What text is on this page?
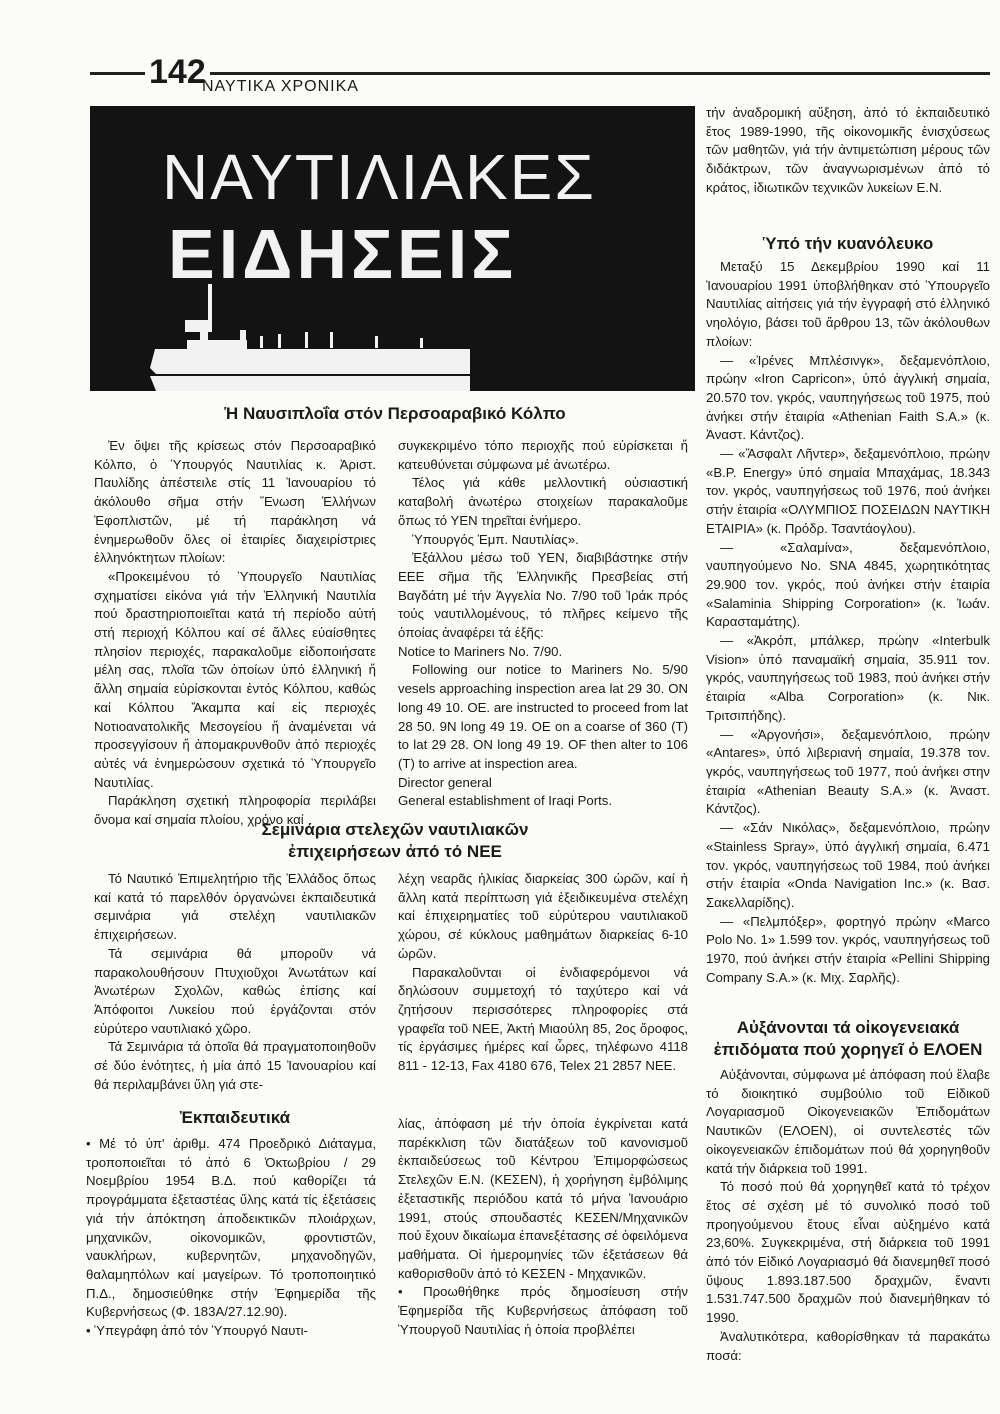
142
ΝΑΥΤΙΚΑ ΧΡΟΝΙΚΑ
ΝΑΥΤΙΛΙΑΚΕΣ
ΕΙΔΗΣΕΙΣ
Ἡ Ναυσιπλοΐα στόν Περσοαραβικό Κόλπο

Ἐν ὄψει τῆς κρίσεως στόν Περσοαραβικό Κόλπο, ὁ Ὑπουργός Ναυτιλίας κ. Ἀριστ. Παυλίδης ἀπέστειλε στίς 11 Ἰανουαρίου τό ἀκόλουθο σῆμα στήν Ἕνωση Ἑλλήνων Ἐφοπλιστῶν, μέ τή παράκληση νά ἐνημερωθοῦν ὅλες οἱ ἑταιρίες διαχειρίστριες ἑλληνόκτητων πλοίων:

«Προκειμένου τό Ὑπουργεῖο Ναυτιλίας σχηματίσει εἰκόνα γιά τήν Ἑλληνική Ναυτιλία πού δραστηριοποιεῖται κατά τή περίοδο αὐτή στή περιοχή Κόλπου καί σέ ἄλλες εὐαίσθητες πλησίον περιοχές, παρακαλοῦμε εἰδοποιήσατε μέλη σας, πλοῖα τῶν ὁποίων ὑπό ἑλληνική ἤ ἄλλη σημαία εὑρίσκονται ἐντός Κόλπου, καθώς καί Κόλπου Ἄκαμπα καί εἰς περιοχές Νοτιοανατολικῆς Μεσογείου ἤ ἀναμένεται νά προσεγγίσουν ἤ ἀπομακρυνθοῦν ἀπό περιοχές αὐτές νά ἐνημερώσουν σχετικά τό Ὑπουργεῖο Ναυτιλίας.

Παράκληση σχετική πληροφορία περιλάβει ὄνομα καί σημαία πλοίου, χρόνο καί

συγκεκριμένο τόπο περιοχῆς πού εὑρίσκεται ἤ κατευθύνεται σύμφωνα μέ ἀνωτέρω.

Τέλος γιά κάθε μελλοντική οὐσιαστική καταβολή ἀνωτέρω στοιχείων παρακαλοῦμε ὅπως τό ΥΕΝ τηρεῖται ἐνήμερο.

Ὑπουργός Ἐμπ. Ναυτιλίας».

Ἐξάλλου μέσω τοῦ ΥΕΝ, διαβιβάστηκε στήν ΕΕΕ σῆμα τῆς Ἑλληνικῆς Πρεσβείας στή Βαγδάτη μέ τήν Ἀγγελία Νο. 7/90 τοῦ Ἰράκ πρός τούς ναυτιλλομένους, τό πλῆρες κείμενο τῆς ὁποίας ἀναφέρει τά ἑξῆς:

Notice to Mariners No. 7/90.

Following our notice to Mariners No. 5/90 vesels approaching inspection area lat 29 30. ON long 49 10. OE. are instructed to proceed from lat 28 50. 9N long 49 19. OE on a coarse of 360 (T) to lat 29 28. ON long 49 19. OF then alter to 106 (T) to arrive at inspection area.

Director general

General establishment of Iraqi Ports.

Σεμινάρια στελεχῶν ναυτιλιακῶν
ἐπιχειρήσεων ἀπό τό ΝΕΕ

Τό Ναυτικό Ἐπιμελητήριο τῆς Ἑλλάδος ὅπως καί κατά τό παρελθόν ὀργανώνει ἐκπαιδευτικά σεμινάρια γιά στελέχη ναυτιλιακῶν ἐπιχειρήσεων.

Τά σεμινάρια θά μποροῦν νά παρακολουθήσουν Πτυχιοῦχοι Ἀνωτάτων καί Ἀνωτέρων Σχολῶν, καθώς ἐπίσης καί Ἀπόφοιτοι Λυκείου πού ἐργάζονται στόν εὐρύτερο ναυτιλιακό χῶρο.

Τά Σεμινάρια τά ὁποῖα θά πραγματοποιηθοῦν σέ δύο ἑνότητες, ἡ μία ἀπό 15 Ἰανουαρίου καί θά περιλαμβάνει ὕλη γιά στε-

λέχη νεαρᾶς ἡλικίας διαρκείας 300 ὡρῶν, καί ἡ ἄλλη κατά περίπτωση γιά ἐξειδικευμένα στελέχη καί ἐπιχειρηματίες τοῦ εὐρύτερου ναυτιλιακοῦ χώρου, σέ κύκλους μαθημάτων διαρκείας 6-10 ὡρῶν.

Παρακαλοῦνται οἱ ἐνδιαφερόμενοι νά δηλώσουν συμμετοχή τό ταχύτερο καί νά ζητήσουν περισσότερες πληροφορίες στά γραφεῖα τοῦ ΝΕΕ, Ἀκτή Μιαούλη 85, 2ος ὄροφος, τίς ἐργάσιμες ἡμέρες καί ὧρες, τηλέφωνο 4118 811 - 12-13, Fax 4180 676, Telex 21 2857 ΝΕΕ.

Ἐκπαιδευτικά

• Μέ τό ὑπ' ἀριθμ. 474 Προεδρικό Διάταγμα, τροποποιεῖται τό ἀπό 6 Ὀκτωβρίου / 29 Νοεμβρίου 1954 Β.Δ. πού καθορίζει τά προγράμματα ἐξεταστέας ὕλης κατά τίς ἐξετάσεις γιά τήν ἀπόκτηση ἀποδεικτικῶν πλοιάρχων, μηχανικῶν, οἰκονομικῶν, φροντιστῶν, ναυκλήρων, κυβερνητῶν, μηχανοδηγῶν, θαλαμηπόλων καί μαγείρων. Τό τροποποιητικό Π.Δ., δημοσιεύθηκε στήν Ἐφημερίδα τῆς Κυβερνήσεως (Φ. 183Α/27.12.90).

• Ὑπεγράφη ἀπό τόν Ὑπουργό Ναυτι-

λίας, ἀπόφαση μέ τήν ὁποία ἐγκρίνεται κατά παρέκκλιση τῶν διατάξεων τοῦ κανονισμοῦ ἐκπαιδεύσεως τοῦ Κέντρου Ἐπιμορφώσεως Στελεχῶν Ε.Ν. (ΚΕΣΕΝ), ἡ χορήγηση ἐμβόλιμης ἐξεταστικῆς περιόδου κατά τό μήνα Ἰανουάριο 1991, στούς σπουδαστές ΚΕΣΕΝ/Μηχανικῶν πού ἔχουν δικαίωμα ἐπανεξέτασης σέ ὀφειλόμενα μαθήματα. Οἱ ἡμερομηνίες τῶν ἐξετάσεων θά καθορισθοῦν ἀπό τό ΚΕΣΕΝ - Μηχανικῶν.

• Προωθήθηκε πρός δημοσίευση στήν Ἐφημερίδα τῆς Κυβερνήσεως ἀπόφαση τοῦ Ὑπουργοῦ Ναυτιλίας ἡ ὁποία προβλέπει

τήν ἀναδρομική αὔξηση, ἀπό τό ἐκπαιδευτικό ἔτος 1989-1990, τῆς οἰκονομικῆς ἐνισχύσεως τῶν μαθητῶν, γιά τήν ἀντιμετώπιση μέρους τῶν διδάκτρων, τῶν ἀναγνωρισμένων ἀπό τό κράτος, ἰδιωτικῶν τεχνικῶν λυκείων Ε.Ν.

Ὑπό τήν κυανόλευκο

Μεταξύ 15 Δεκεμβρίου 1990 καί 11 Ἰανουαρίου 1991 ὑποβλήθηκαν στό Ὑπουργεῖο Ναυτιλίας αἰτήσεις γιά τήν ἐγγραφή στό ἑλληνικό νηολόγιο, βάσει τοῦ ἄρθρου 13, τῶν ἀκόλουθων πλοίων:

— «Ἰρένες Μπλέσινγκ», δεξαμενόπλοιο, πρώην «Iron Capricon», ὑπό ἀγγλική σημαία, 20.570 τον. γκρός, ναυπηγήσεως τοῦ 1975, πού ἀνήκει στήν ἑταιρία «Athenian Faith S.A.» (κ. Ἀναστ. Κάντζος).

— «Ἄσφαλτ Λῆντερ», δεξαμενόπλοιο, πρώην «B.P. Energy» ὑπό σημαία Μπαχάμας, 18.343 τον. γκρός, ναυπηγήσεως τοῦ 1976, πού ἀνήκει στήν ἑταιρία «ΟΛΥΜΠΙΟΣ ΠΟΣΕΙΔΩΝ ΝΑΥΤΙΚΗ ΕΤΑΙΡΙΑ» (κ. Πρόδρ. Τσαντάογλου).

— «Σαλαμίνα», δεξαμενόπλοιο, ναυπηγούμενο Νο. SNA 4845, χωρητικότητας 29.900 τον. γκρός, πού ἀνήκει στήν ἑταιρία «Salaminia Shipping Corporation» (κ. Ἰωάν. Καρασταμάτης).

— «Ἀκρόπ, μπάλκερ, πρώην «Interbulk Vision» ὑπό παναμαϊκή σημαία, 35.911 τον. γκρός, ναυπηγήσεως τοῦ 1983, πού ἀνήκει στήν ἑταιρία «Alba Corporation» (κ. Νικ. Τριτσιπήδης).

— «Ἀργονήσι», δεξαμενόπλοιο, πρώην «Antares», ὑπό λιβεριανή σημαία, 19.378 τον. γκρός, ναυπηγήσεως τοῦ 1977, πού ἀνήκει στην ἑταιρία «Athenian Beauty S.A.» (κ. Ἀναστ. Κάντζος).

— «Σάν Νικόλας», δεξαμενόπλοιο, πρώην «Stainless Spray», ὑπό ἀγγλική σημαία, 6.471 τον. γκρός, ναυπηγήσεως τοῦ 1984, πού ἀνήκει στήν ἑταιρία «Onda Navigation Inc.» (κ. Βασ. Σακελλαρίδης).

— «Πελμπόξερ», φορτηγό πρώην «Marco Polo No. 1» 1.599 τον. γκρός, ναυπηγήσεως τοῦ 1970, πού ἀνήκει στήν ἑταιρία «Pellini Shipping Company S.A.» (κ. Μιχ. Σαρλῆς).

Αὐξάνονται τά οἰκογενειακά
ἐπιδόματα πού χορηγεῖ ὁ ΕΛΟΕΝ

Αὐξάνονται, σύμφωνα μέ ἀπόφαση πού ἔλαβε τό διοικητικό συμβούλιο τοῦ Εἰδικοῦ Λογαριασμοῦ Οἰκογενειακῶν Ἐπιδομάτων Ναυτικῶν (ΕΛΟΕΝ), οἱ συντελεστές τῶν οἰκογενειακῶν ἐπιδομάτων πού θά χορηγηθοῦν κατά τήν διάρκεια τοῦ 1991.

Τό ποσό πού θά χορηγηθεῖ κατά τό τρέχον ἔτος σέ σχέση μέ τό συνολικό ποσό τοῦ προηγούμενου ἔτους εἶναι αὐξημένο κατά 23,60%. Συγκεκριμένα, στή διάρκεια τοῦ 1991 ἀπό τόν Εἰδικό Λογαριασμό θά διανεμηθεῖ ποσό ὕψους 1.893.187.500 δραχμῶν, ἔναντι 1.531.747.500 δραχμῶν πού διανεμήθηκαν τό 1990.

Ἀναλυτικότερα, καθορίσθηκαν τά παρακάτω ποσά:
